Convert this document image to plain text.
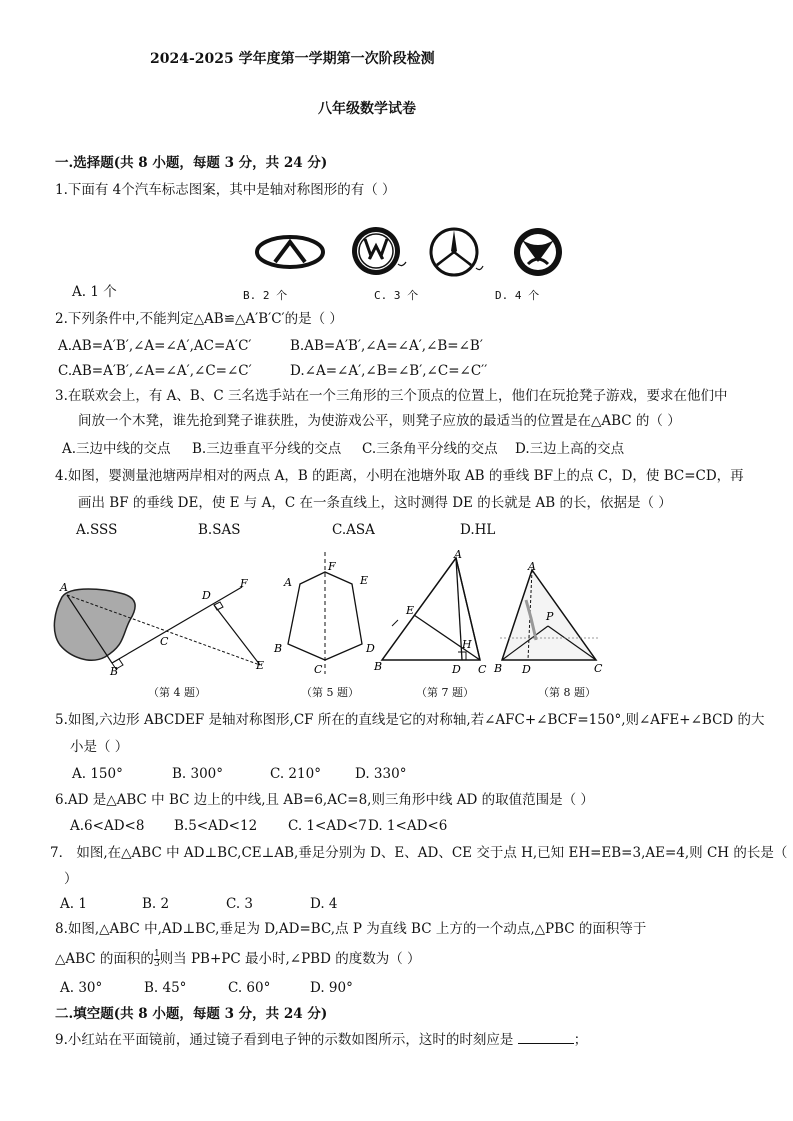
2024-2025 学年度第一学期第一次阶段检测
八年级数学试卷
一.选择题(共 8 小题，每题 3 分，共 24 分)
1.下面有 4个汽车标志图案，其中是轴对称图形的有（ ）
A. 1 个	B. 2 个	C. 3 个	D. 4 个
2.下列条件中,不能判定△AB≌△A′B′C′的是（ ）
A.AB=A′B′,∠A=∠A′,AC=A′C′	B.AB=A′B′,∠A=∠A′,∠B=∠B′
C.AB=A′B′,∠A=∠A′,∠C=∠C′	D.∠A=∠A′,∠B=∠B′,∠C=∠C′′
3.在联欢会上，有 A、B、C 三名选手站在一个三角形的三个顶点的位置上，他们在玩抢凳子游戏，要求在他们中
间放一个木凳，谁先抢到凳子谁获胜，为使游戏公平，则凳子应放的最适当的位置是在△ABC 的（ ）
A.三边中线的交点 B.三边垂直平分线的交点 C.三条角平分线的交点 D.三边上高的交点
4.如图，婴测量池塘两岸相对的两点 A，B 的距离，小明在池塘外取 AB 的垂线 BF上的点 C，D，使 BC=CD，再
画出 BF 的垂线 DE，使 E 与 A，C 在一条直线上，这时测得 DE 的长就是 AB 的长，依据是（ ）
A.SSS	B.SAS	C.ASA	D.HL
A
B
C
D
E
F
（第 4 题）
A
F
E
B	D
C
（第 5 题）
A
E
H
B	D C
（第 7 题）
A
P
B D	C
（第 8 题）
5.如图,六边形 ABCDEF 是轴对称图形,CF 所在的直线是它的对称轴,若∠AFC+∠BCF=150°,则∠AFE+∠BCD 的大
小是（ ）
A. 150°	B. 300°	C. 210°	D. 330°
6.AD 是△ABC 中 BC 边上的中线,且 AB=6,AC=8,则三角形中线 AD 的取值范围是（ ）
A.6<AD<8 B.5<AD<12 C. 1<AD<7 D. 1<AD<6
7． 如图,在△ABC 中 AD⊥BC,CE⊥AB,垂足分别为 D、E、AD、CE 交于点 H,已知 EH=EB=3,AE=4,则 CH 的长是（
）
A. 1	B. 2	C. 3	D. 4
8.如图,△ABC 中,AD⊥BC,垂足为 D,AD=BC,点 P 为直线 BC 上方的一个动点,△PBC 的面积等于
△ABC 的面积的 $\frac{1}{3}$ 则当 PB+PC 最小时,∠PBD 的度数为（ ）
A. 30°	B. 45°	C. 60°	D. 90°
二.填空题(共 8 小题，每题 3 分，共 24 分)
9.小红站在平面镜前，通过镜子看到电子钟的示数如图所示，这时的时刻应是	；
